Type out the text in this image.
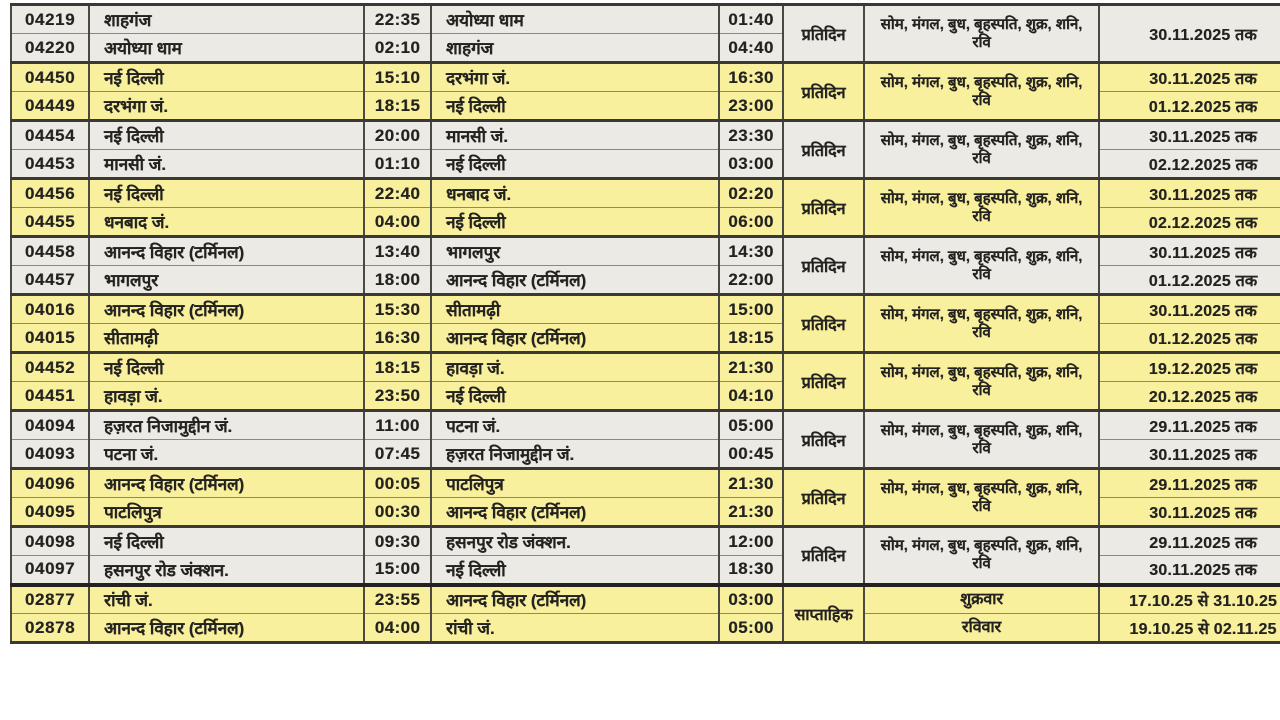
04219	शाहगंज	22:35	अयोध्या धाम	01:40	प्रतिदिन	सोम, मंगल, बुध, बृहस्पति, शुक्र, शनि, रवि	30.11.2025 तक
04220	अयोध्या धाम	02:10	शाहगंज	04:40			
04450	नई दिल्ली	15:10	दरभंगा जं.	16:30	प्रतिदिन	सोम, मंगल, बुध, बृहस्पति, शुक्र, शनि, रवि	30.11.2025 तक
04449	दरभंगा जं.	18:15	नई दिल्ली	23:00			01.12.2025 तक
04454	नई दिल्ली	20:00	मानसी जं.	23:30	प्रतिदिन	सोम, मंगल, बुध, बृहस्पति, शुक्र, शनि, रवि	30.11.2025 तक
04453	मानसी जं.	01:10	नई दिल्ली	03:00			02.12.2025 तक
04456	नई दिल्ली	22:40	धनबाद जं.	02:20	प्रतिदिन	सोम, मंगल, बुध, बृहस्पति, शुक्र, शनि, रवि	30.11.2025 तक
04455	धनबाद जं.	04:00	नई दिल्ली	06:00			02.12.2025 तक
04458	आनन्द विहार (टर्मिनल)	13:40	भागलपुर	14:30	प्रतिदिन	सोम, मंगल, बुध, बृहस्पति, शुक्र, शनि, रवि	30.11.2025 तक
04457	भागलपुर	18:00	आनन्द विहार (टर्मिनल)	22:00			01.12.2025 तक
04016	आनन्द विहार (टर्मिनल)	15:30	सीतामढ़ी	15:00	प्रतिदिन	सोम, मंगल, बुध, बृहस्पति, शुक्र, शनि, रवि	30.11.2025 तक
04015	सीतामढ़ी	16:30	आनन्द विहार (टर्मिनल)	18:15			01.12.2025 तक
04452	नई दिल्ली	18:15	हावड़ा जं.	21:30	प्रतिदिन	सोम, मंगल, बुध, बृहस्पति, शुक्र, शनि, रवि	19.12.2025 तक
04451	हावड़ा जं.	23:50	नई दिल्ली	04:10			20.12.2025 तक
04094	हज़रत निजामुद्दीन जं.	11:00	पटना जं.	05:00	प्रतिदिन	सोम, मंगल, बुध, बृहस्पति, शुक्र, शनि, रवि	29.11.2025 तक
04093	पटना जं.	07:45	हज़रत निजामुद्दीन जं.	00:45			30.11.2025 तक
04096	आनन्द विहार (टर्मिनल)	00:05	पाटलिपुत्र	21:30	प्रतिदिन	सोम, मंगल, बुध, बृहस्पति, शुक्र, शनि, रवि	29.11.2025 तक
04095	पाटलिपुत्र	00:30	आनन्द विहार (टर्मिनल)	21:30			30.11.2025 तक
04098	नई दिल्ली	09:30	हसनपुर रोड जंक्शन.	12:00	प्रतिदिन	सोम, मंगल, बुध, बृहस्पति, शुक्र, शनि, रवि	29.11.2025 तक
04097	हसनपुर रोड जंक्शन.	15:00	नई दिल्ली	18:30			30.11.2025 तक
02877	रांची जं.	23:55	आनन्द विहार (टर्मिनल)	03:00	साप्ताहिक	शुक्रवार	17.10.25 से 31.10.25
02878	आनन्द विहार (टर्मिनल)	04:00	रांची जं.	05:00		रविवार	19.10.25 से 02.11.25
